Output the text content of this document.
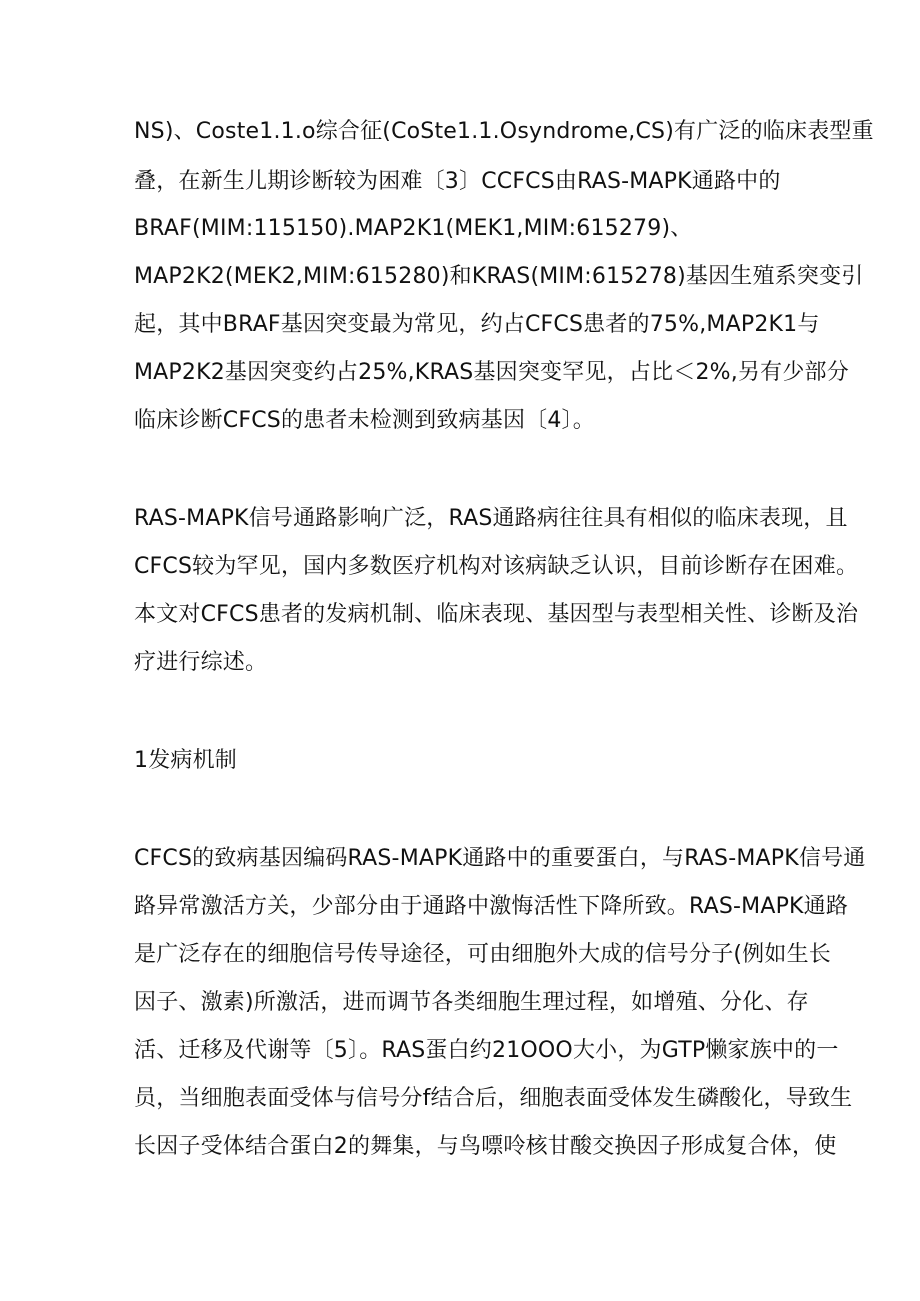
NS)、Coste1.1.o综合征(CoSte1.1.Osyndrome,CS)有广泛的临床表型重
叠，在新生儿期诊断较为困难〔3〕CCFCS由RAS-MAPK通路中的
BRAF(MIM:115150).MAP2K1(MEK1,MIM:615279)、
MAP2K2(MEK2,MIM:615280)和KRAS(MIM:615278)基因生殖系突变引
起，其中BRAF基因突变最为常见，约占CFCS患者的75%,MAP2K1与
MAP2K2基因突变约占25%,KRAS基因突变罕见，占比＜2%,另有少部分
临床诊断CFCS的患者未检测到致病基因〔4〕。
RAS-MAPK信号通路影响广泛，RAS通路病往往具有相似的临床表现，且
CFCS较为罕见，国内多数医疗机构对该病缺乏认识，目前诊断存在困难。
本文对CFCS患者的发病机制、临床表现、基因型与表型相关性、诊断及治
疗进行综述。
1发病机制
CFCS的致病基因编码RAS-MAPK通路中的重要蛋白，与RAS-MAPK信号通
路异常激活方关，少部分由于通路中激悔活性下降所致。RAS-MAPK通路
是广泛存在的细胞信号传导途径，可由细胞外大成的信号分子(例如生长
因子、激素)所激活，进而调节各类细胞生理过程，如增殖、分化、存
活、迁移及代谢等〔5〕。RAS蛋白约21OOO大小，为GTP懒家族中的一
员，当细胞表面受体与信号分f结合后，细胞表面受体发生磷酸化，导致生
长因子受体结合蛋白2的舞集，与鸟嘌呤核甘酸交换因子形成复合体，使
